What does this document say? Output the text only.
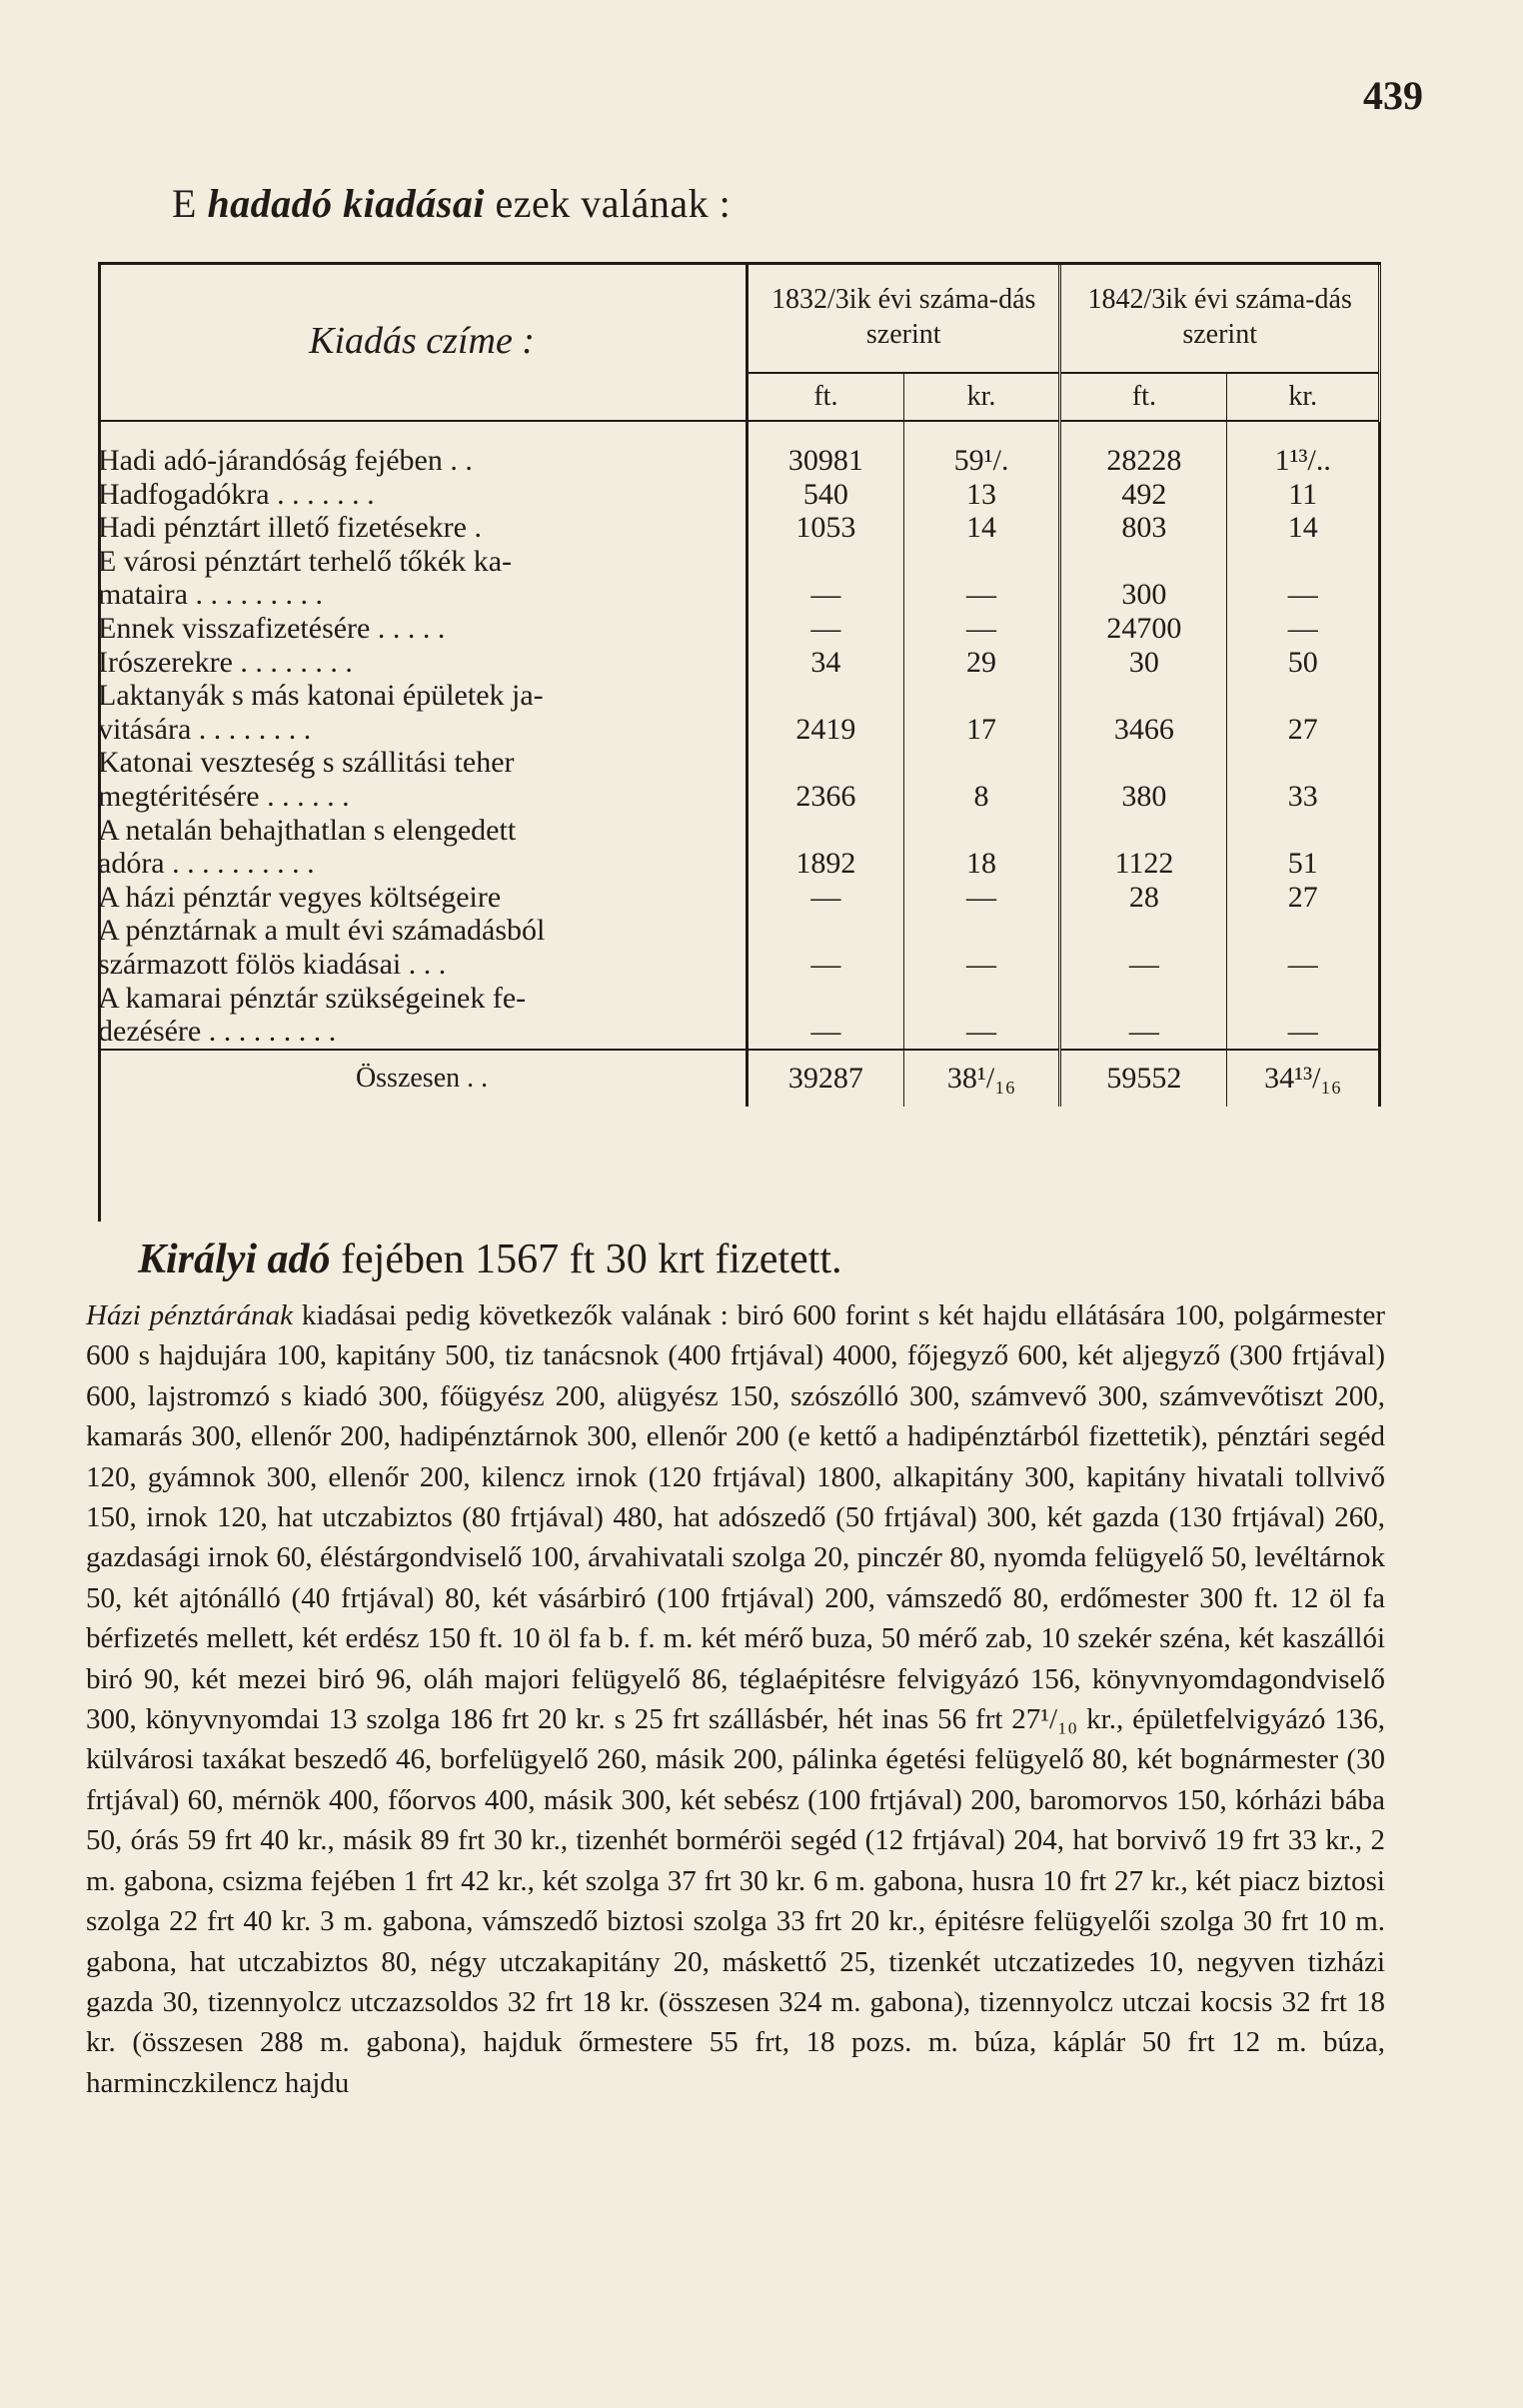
439
E hadadó kiadásai ezek valának :
Kiadás czíme :	1832/3ik évi száma-dás szerint		1842/3ik évi száma-dás szerint	
	ft.	kr.	ft.	kr.

Hadi adó-járandóság fejében . .	30981	59¹/.	28228	1¹³/..
Hadfogadókra . . . . . . .	540	13	492	11
Hadi pénztárt illető fizetésekre .	1053	14	803	14
E városi pénztárt terhelő tőkék ka-				
mataira . . . . . . . . .	—	—	300	—
Ennek visszafizetésére . . . . .	—	—	24700	—
Irószerekre . . . . . . . .	34	29	30	50
Laktanyák s más katonai épületek ja-				
vitására . . . . . . . .	2419	17	3466	27
Katonai veszteség s szállitási teher				
megtéritésére . . . . . .	2366	8	380	33
A netalán behajthatlan s elengedett				
adóra . . . . . . . . . .	1892	18	1122	51
A házi pénztár vegyes költségeire	—	—	28	27
A pénztárnak a mult évi számadásból				
származott fölös kiadásai . . .	—	—	—	—
A kamarai pénztár szükségeinek fe-				
dezésére . . . . . . . . .	—	—	—	—
Összesen . .	39287	38¹/₁₆	59552	34¹³/₁₆
Királyi adó fejében 1567 ft 30 krt fizetett.
Házi pénztárának kiadásai pedig következők valának : biró 600 forint s két hajdu ellátására 100, polgármester 600 s hajdujára 100, kapitány 500, tiz tanácsnok (400 frtjával) 4000, főjegyző 600, két aljegyző (300 frtjával) 600, lajstromzó s kiadó 300, főügyész 200, alügyész 150, szószólló 300, számvevő 300, számvevőtiszt 200, kamarás 300, ellenőr 200, hadipénztárnok 300, ellenőr 200 (e kettő a hadipénztárból fizettetik), pénztári segéd 120, gyámnok 300, ellenőr 200, kilencz irnok (120 frtjával) 1800, alkapitány 300, kapitány hivatali tollvivő 150, irnok 120, hat utczabiztos (80 frtjával) 480, hat adószedő (50 frtjával) 300, két gazda (130 frtjával) 260, gazdasági irnok 60, éléstárgondviselő 100, árvahivatali szolga 20, pinczér 80, nyomda felügyelő 50, levéltárnok 50, két ajtónálló (40 frtjával) 80, két vásárbiró (100 frtjával) 200, vámszedő 80, erdőmester 300 ft. 12 öl fa bérfizetés mellett, két erdész 150 ft. 10 öl fa b. f. m. két mérő buza, 50 mérő zab, 10 szekér széna, két kaszállói biró 90, két mezei biró 96, oláh majori felügyelő 86, téglaépitésre felvigyázó 156, könyvnyomdagondviselő 300, könyvnyomdai 13 szolga 186 frt 20 kr. s 25 frt szállásbér, hét inas 56 frt 27¹/₁₀ kr., épületfelvigyázó 136, külvárosi taxákat beszedő 46, borfelügyelő 260, másik 200, pálinka égetési felügyelő 80, két bognármester (30 frtjával) 60, mérnök 400, főorvos 400, másik 300, két sebész (100 frtjával) 200, baromorvos 150, kórházi bába 50, órás 59 frt 40 kr., másik 89 frt 30 kr., tizenhét borméröi segéd (12 frtjával) 204, hat borvivő 19 frt 33 kr., 2 m. gabona, csizma fejében 1 frt 42 kr., két szolga 37 frt 30 kr. 6 m. gabona, husra 10 frt 27 kr., két piacz biztosi szolga 22 frt 40 kr. 3 m. gabona, vámszedő biztosi szolga 33 frt 20 kr., épitésre felügyelői szolga 30 frt 10 m. gabona, hat utczabiztos 80, négy utczakapitány 20, máskettő 25, tizenkét utczatizedes 10, negyven tizházi gazda 30, tizennyolcz utczazsoldos 32 frt 18 kr. (összesen 324 m. gabona), tizennyolcz utczai kocsis 32 frt 18 kr. (összesen 288 m. gabona), hajduk őrmestere 55 frt, 18 pozs. m. búza, káplár 50 frt 12 m. búza, harminczkilencz hajdu
